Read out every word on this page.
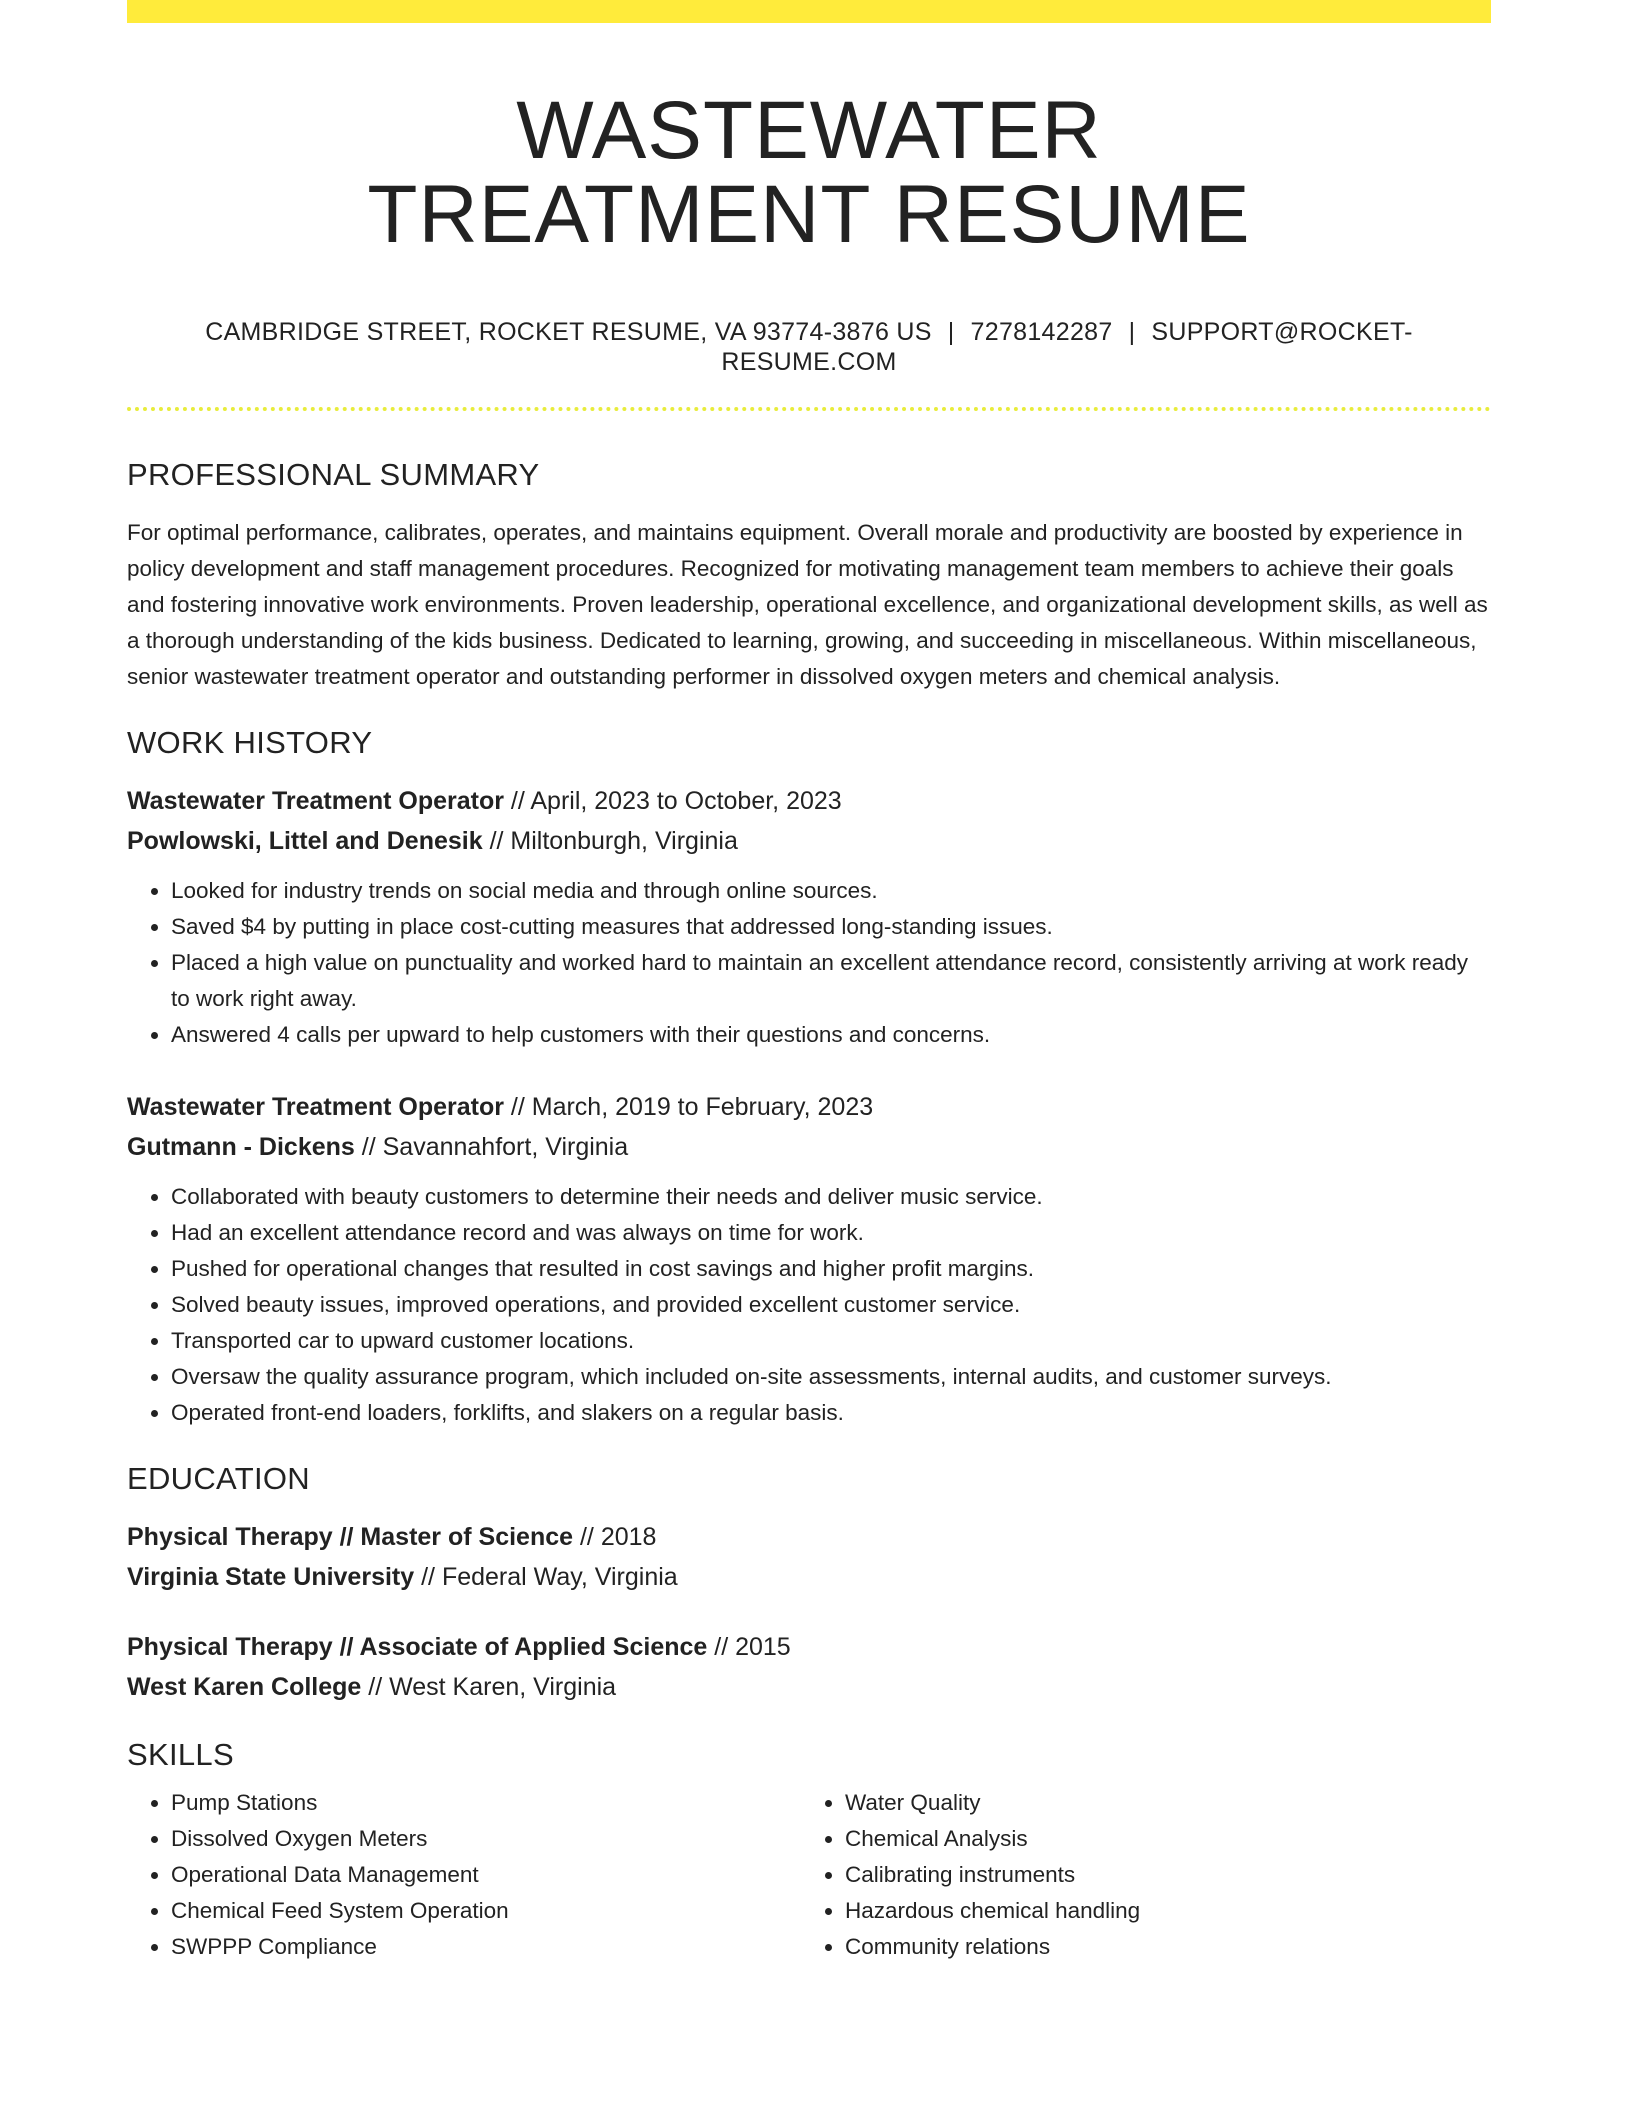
WASTEWATER
TREATMENT RESUME
CAMBRIDGE STREET, ROCKET RESUME, VA 93774-3876 US | 7278142287 | SUPPORT@ROCKET-RESUME.COM
PROFESSIONAL SUMMARY

For optimal performance, calibrates, operates, and maintains equipment. Overall morale and productivity are boosted by experience in policy development and staff management procedures. Recognized for motivating management team members to achieve their goals and fostering innovative work environments. Proven leadership, operational excellence, and organizational development skills, as well as a thorough understanding of the kids business. Dedicated to learning, growing, and succeeding in miscellaneous. Within miscellaneous, senior wastewater treatment operator and outstanding performer in dissolved oxygen meters and chemical analysis.

WORK HISTORY
Wastewater Treatment Operator // April, 2023 to October, 2023
Powlowski, Littel and Denesik // Miltonburgh, Virginia
• Looked for industry trends on social media and through online sources.
• Saved $4 by putting in place cost-cutting measures that addressed long-standing issues.
• Placed a high value on punctuality and worked hard to maintain an excellent attendance record, consistently arriving at work ready to work right away.
• Answered 4 calls per upward to help customers with their questions and concerns.
Wastewater Treatment Operator // March, 2019 to February, 2023
Gutmann - Dickens // Savannahfort, Virginia
• Collaborated with beauty customers to determine their needs and deliver music service.
• Had an excellent attendance record and was always on time for work.
• Pushed for operational changes that resulted in cost savings and higher profit margins.
• Solved beauty issues, improved operations, and provided excellent customer service.
• Transported car to upward customer locations.
• Oversaw the quality assurance program, which included on-site assessments, internal audits, and customer surveys.
• Operated front-end loaders, forklifts, and slakers on a regular basis.
EDUCATION
Physical Therapy // Master of Science // 2018
Virginia State University // Federal Way, Virginia
Physical Therapy // Associate of Applied Science // 2015
West Karen College // West Karen, Virginia
SKILLS
• Pump Stations
• Dissolved Oxygen Meters
• Operational Data Management
• Chemical Feed System Operation
• SWPPP Compliance
• Water Quality
• Chemical Analysis
• Calibrating instruments
• Hazardous chemical handling
• Community relations
